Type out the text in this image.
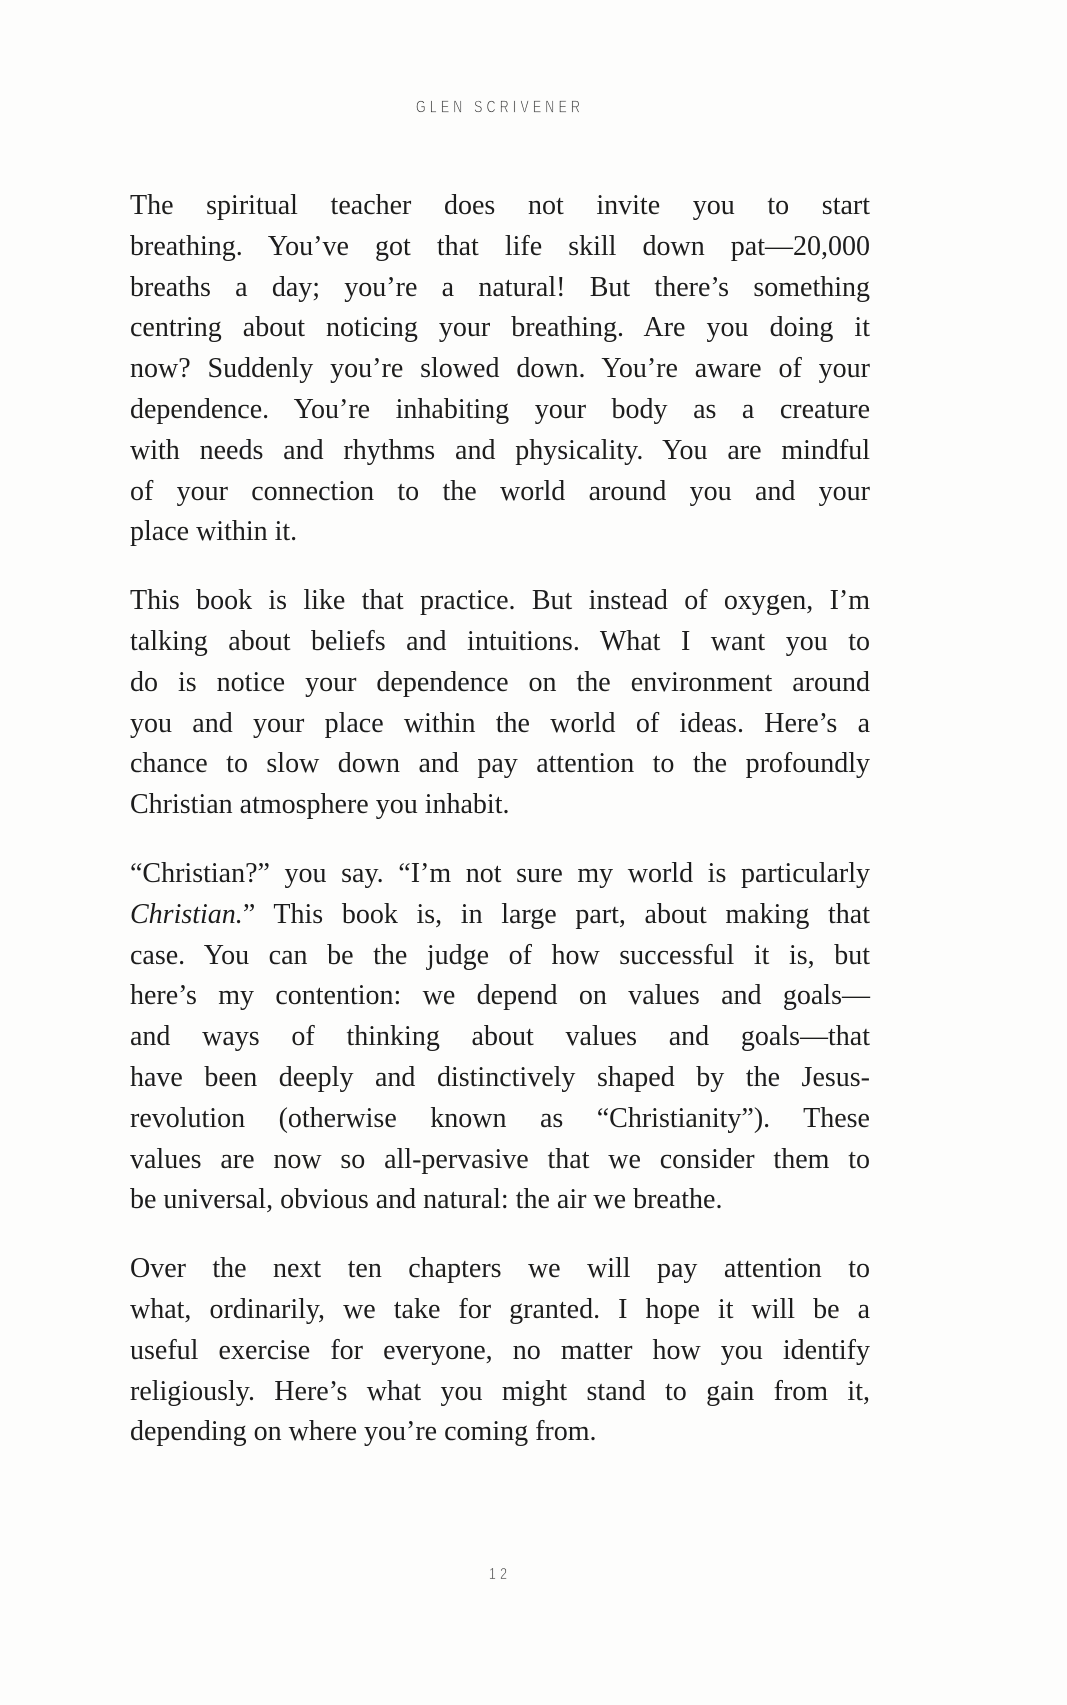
GLEN SCRIVENER
The spiritual teacher does not invite you to start
breathing. You’ve got that life skill down pat—20,000
breaths a day; you’re a natural! But there’s something
centring about noticing your breathing. Are you doing it
now? Suddenly you’re slowed down. You’re aware of your
dependence. You’re inhabiting your body as a creature
with needs and rhythms and physicality. You are mindful
of your connection to the world around you and your
place within it.
This book is like that practice. But instead of oxygen, I’m
talking about beliefs and intuitions. What I want you to
do is notice your dependence on the environment around
you and your place within the world of ideas. Here’s a
chance to slow down and pay attention to the profoundly
Christian atmosphere you inhabit.
“Christian?” you say. “I’m not sure my world is particularly
Christian.” This book is, in large part, about making that
case. You can be the judge of how successful it is, but
here’s my contention: we depend on values and goals—
and ways of thinking about values and goals—that
have been deeply and distinctively shaped by the Jesus-
revolution (otherwise known as “Christianity”). These
values are now so all-pervasive that we consider them to
be universal, obvious and natural: the air we breathe.
Over the next ten chapters we will pay attention to
what, ordinarily, we take for granted. I hope it will be a
useful exercise for everyone, no matter how you identify
religiously. Here’s what you might stand to gain from it,
depending on where you’re coming from.
12
